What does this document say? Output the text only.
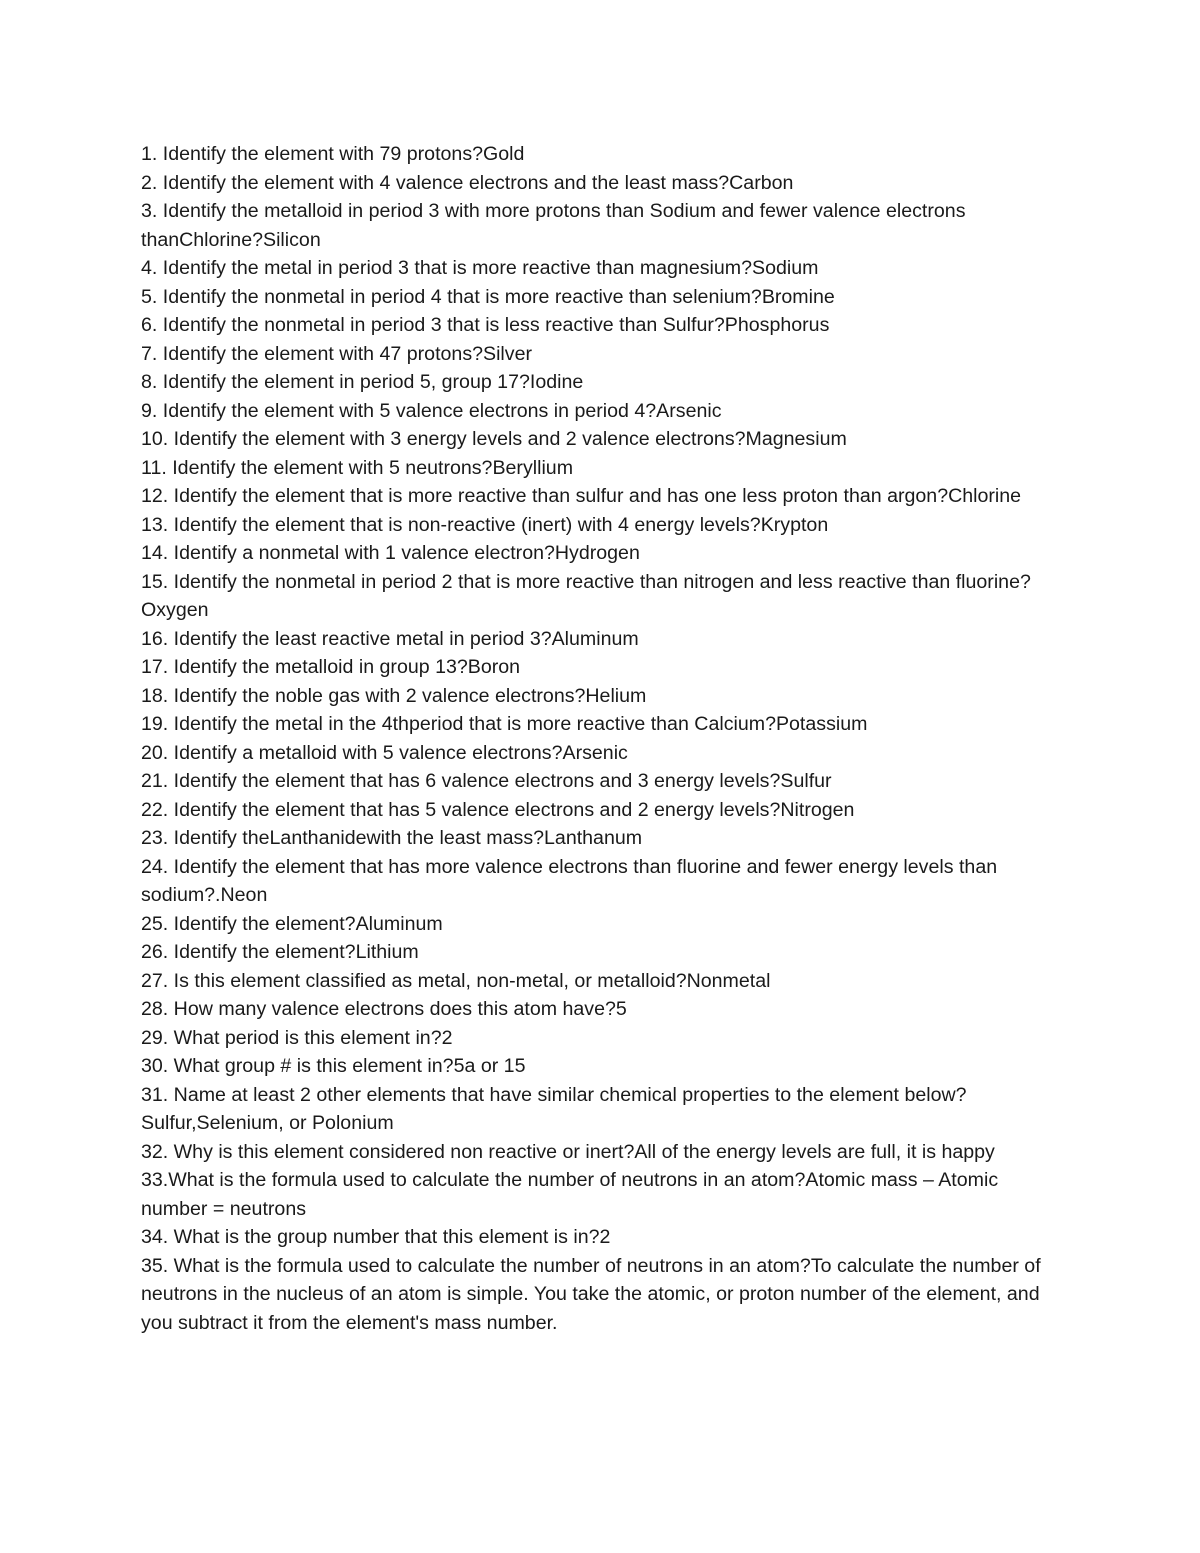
1. Identify the element with 79 protons?Gold

2. Identify the element with 4 valence electrons and the least mass?Carbon

3. Identify the metalloid in period 3 with more protons than Sodium and fewer valence electrons thanChlorine?Silicon

4. Identify the metal in period 3 that is more reactive than magnesium?Sodium

5. Identify the nonmetal in period 4 that is more reactive than selenium?Bromine

6. Identify the nonmetal in period 3 that is less reactive than Sulfur?Phosphorus

7. Identify the element with 47 protons?Silver

8. Identify the element in period 5, group 17?Iodine

9. Identify the element with 5 valence electrons in period 4?Arsenic

10. Identify the element with 3 energy levels and 2 valence electrons?Magnesium

11. Identify the element with 5 neutrons?Beryllium

12. Identify the element that is more reactive than sulfur and has one less proton than argon?Chlorine

13. Identify the element that is non-reactive (inert) with 4 energy levels?Krypton

14. Identify a nonmetal with 1 valence electron?Hydrogen

15. Identify the nonmetal in period 2 that is more reactive than nitrogen and less reactive than fluorine?Oxygen

16. Identify the least reactive metal in period 3?Aluminum

17. Identify the metalloid in group 13?Boron

18. Identify the noble gas with 2 valence electrons?Helium

19. Identify the metal in the 4thperiod that is more reactive than Calcium?Potassium

20. Identify a metalloid with 5 valence electrons?Arsenic

21. Identify the element that has 6 valence electrons and 3 energy levels?Sulfur

22. Identify the element that has 5 valence electrons and 2 energy levels?Nitrogen

23. Identify theLanthanidewith the least mass?Lanthanum

24. Identify the element that has more valence electrons than fluorine and fewer energy levels than sodium?.Neon

25. Identify the element?Aluminum

26. Identify the element?Lithium

27. Is this element classified as metal, non-metal, or metalloid?Nonmetal

28. How many valence electrons does this atom have?5

29. What period is this element in?2

30. What group # is this element in?5a or 15

31. Name at least 2 other elements that have similar chemical properties to the element below?Sulfur,Selenium, or Polonium

32. Why is this element considered non reactive or inert?All of the energy levels are full, it is happy

33.What is the formula used to calculate the number of neutrons in an atom?Atomic mass – Atomic number = neutrons

34. What is the group number that this element is in?2

35. What is the formula used to calculate the number of neutrons in an atom?To calculate the number of neutrons in the nucleus of an atom is simple. You take the atomic, or proton number of the element, and you subtract it from the element's mass number.
